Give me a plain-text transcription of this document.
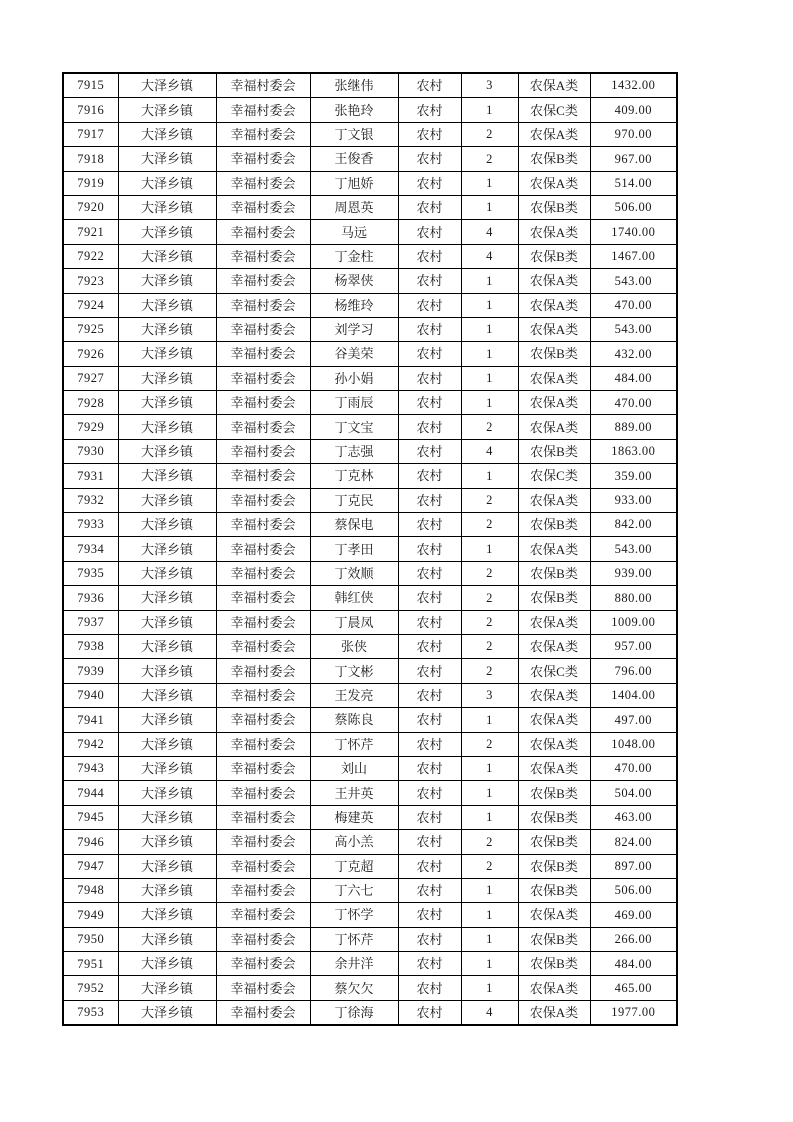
7915	大泽乡镇	幸福村委会	张继伟	农村	3	农保A类	1432.00
7916	大泽乡镇	幸福村委会	张艳玲	农村	1	农保C类	409.00
7917	大泽乡镇	幸福村委会	丁文银	农村	2	农保A类	970.00
7918	大泽乡镇	幸福村委会	王俊香	农村	2	农保B类	967.00
7919	大泽乡镇	幸福村委会	丁旭娇	农村	1	农保A类	514.00
7920	大泽乡镇	幸福村委会	周恩英	农村	1	农保B类	506.00
7921	大泽乡镇	幸福村委会	马远	农村	4	农保A类	1740.00
7922	大泽乡镇	幸福村委会	丁金柱	农村	4	农保B类	1467.00
7923	大泽乡镇	幸福村委会	杨翠侠	农村	1	农保A类	543.00
7924	大泽乡镇	幸福村委会	杨维玲	农村	1	农保A类	470.00
7925	大泽乡镇	幸福村委会	刘学习	农村	1	农保A类	543.00
7926	大泽乡镇	幸福村委会	谷美荣	农村	1	农保B类	432.00
7927	大泽乡镇	幸福村委会	孙小娟	农村	1	农保A类	484.00
7928	大泽乡镇	幸福村委会	丁雨辰	农村	1	农保A类	470.00
7929	大泽乡镇	幸福村委会	丁文宝	农村	2	农保A类	889.00
7930	大泽乡镇	幸福村委会	丁志强	农村	4	农保B类	1863.00
7931	大泽乡镇	幸福村委会	丁克林	农村	1	农保C类	359.00
7932	大泽乡镇	幸福村委会	丁克民	农村	2	农保A类	933.00
7933	大泽乡镇	幸福村委会	蔡保电	农村	2	农保B类	842.00
7934	大泽乡镇	幸福村委会	丁孝田	农村	1	农保A类	543.00
7935	大泽乡镇	幸福村委会	丁效顺	农村	2	农保B类	939.00
7936	大泽乡镇	幸福村委会	韩红侠	农村	2	农保B类	880.00
7937	大泽乡镇	幸福村委会	丁晨凤	农村	2	农保A类	1009.00
7938	大泽乡镇	幸福村委会	张侠	农村	2	农保A类	957.00
7939	大泽乡镇	幸福村委会	丁文彬	农村	2	农保C类	796.00
7940	大泽乡镇	幸福村委会	王发亮	农村	3	农保A类	1404.00
7941	大泽乡镇	幸福村委会	蔡陈良	农村	1	农保A类	497.00
7942	大泽乡镇	幸福村委会	丁怀芹	农村	2	农保A类	1048.00
7943	大泽乡镇	幸福村委会	刘山	农村	1	农保A类	470.00
7944	大泽乡镇	幸福村委会	王井英	农村	1	农保B类	504.00
7945	大泽乡镇	幸福村委会	梅建英	农村	1	农保B类	463.00
7946	大泽乡镇	幸福村委会	高小羔	农村	2	农保B类	824.00
7947	大泽乡镇	幸福村委会	丁克超	农村	2	农保B类	897.00
7948	大泽乡镇	幸福村委会	丁六七	农村	1	农保B类	506.00
7949	大泽乡镇	幸福村委会	丁怀学	农村	1	农保A类	469.00
7950	大泽乡镇	幸福村委会	丁怀芹	农村	1	农保B类	266.00
7951	大泽乡镇	幸福村委会	余井洋	农村	1	农保B类	484.00
7952	大泽乡镇	幸福村委会	蔡欠欠	农村	1	农保A类	465.00
7953	大泽乡镇	幸福村委会	丁徐海	农村	4	农保A类	1977.00
